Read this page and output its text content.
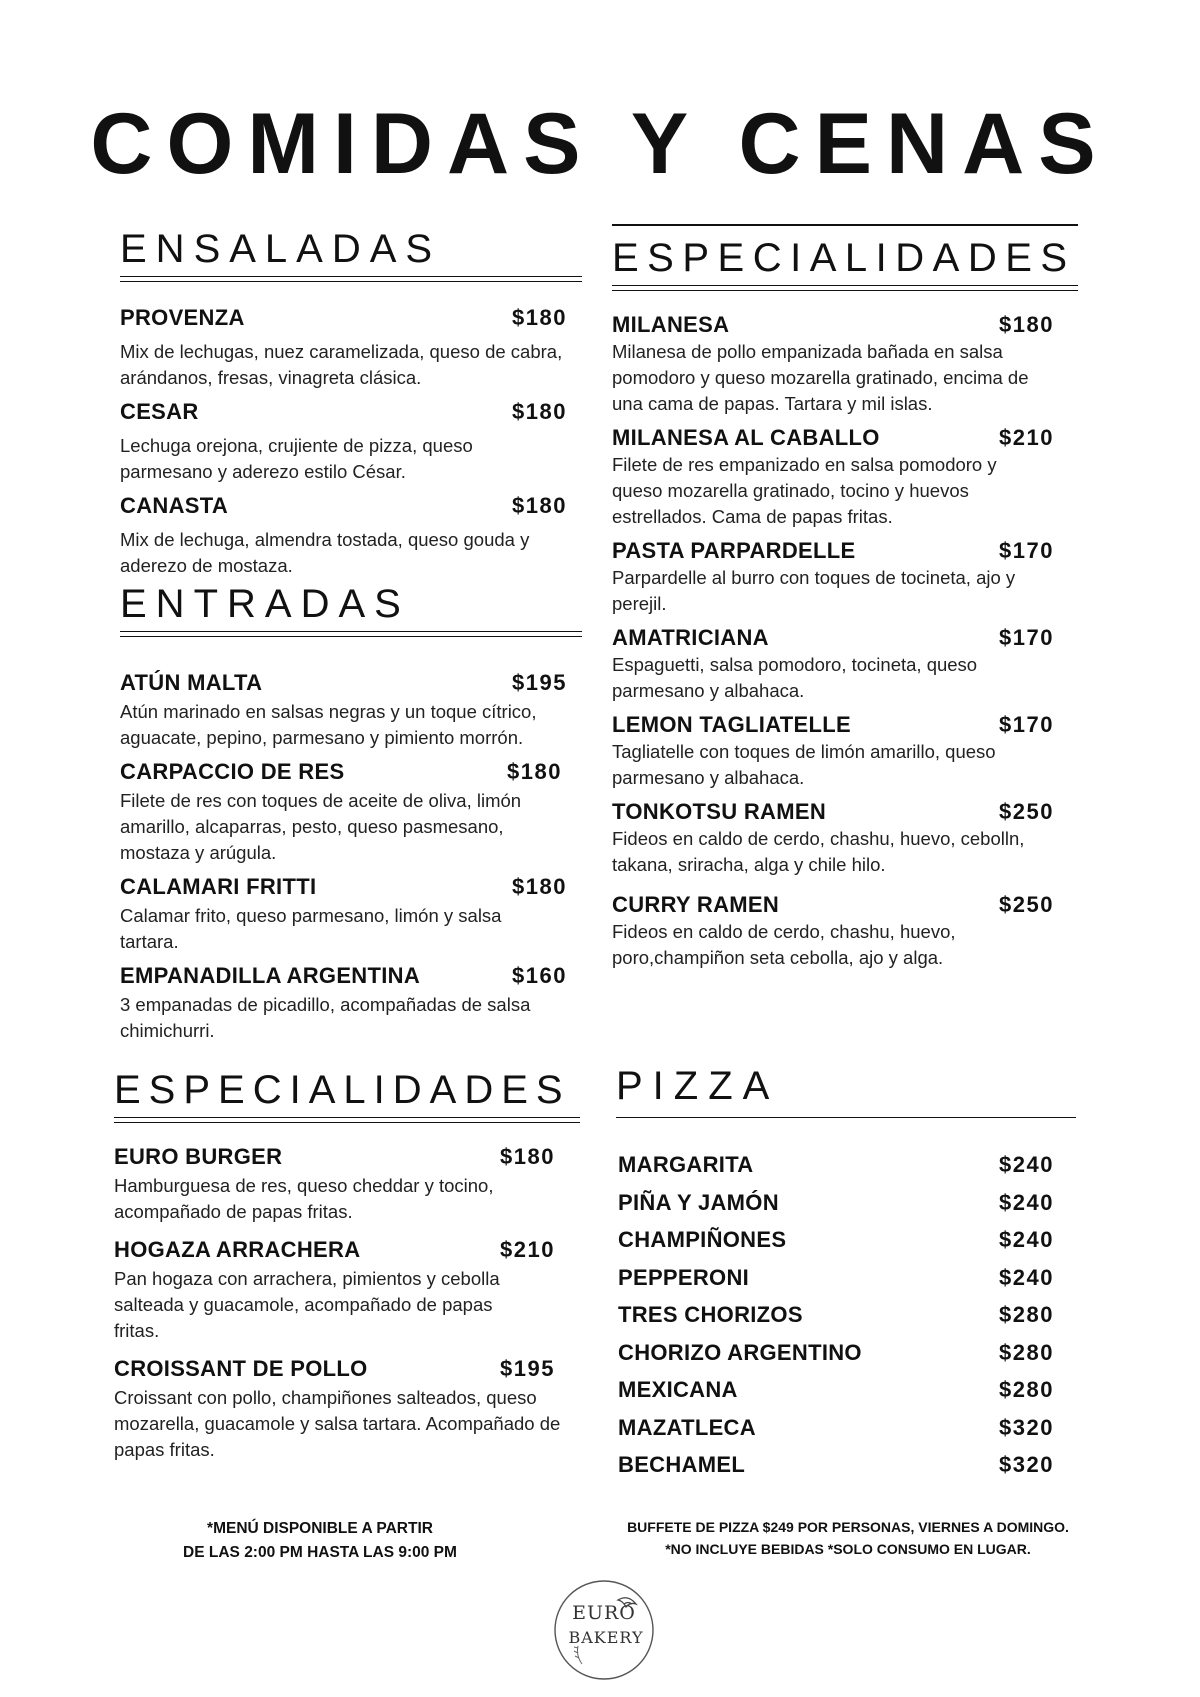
COMIDAS Y CENAS
ENSALADAS
PROVENZA	$180
Mix de lechugas, nuez caramelizada, queso de cabra, arándanos, fresas, vinagreta clásica.
CESAR	$180
Lechuga orejona, crujiente de pizza, queso parmesano y aderezo estilo César.
CANASTA	$180
Mix de lechuga, almendra tostada, queso gouda y aderezo de mostaza.
ENTRADAS
ATÚN MALTA	$195
Atún marinado en salsas negras y un toque cítrico, aguacate, pepino, parmesano y pimiento morrón.
CARPACCIO DE RES	$180
Filete de res con toques de aceite de oliva, limón amarillo, alcaparras, pesto, queso pasmesano, mostaza y arúgula.
CALAMARI FRITTI	$180
Calamar frito, queso parmesano, limón y salsa tartara.
EMPANADILLA ARGENTINA	$160
3 empanadas de picadillo, acompañadas de salsa chimichurri.
ESPECIALIDADES
EURO BURGER	$180
Hamburguesa de res, queso cheddar y tocino, acompañado de papas fritas.
HOGAZA ARRACHERA	$210
Pan hogaza con arrachera, pimientos y cebolla salteada y guacamole, acompañado de papas fritas.
CROISSANT DE POLLO	$195
Croissant con pollo, champiñones salteados, queso mozarella, guacamole y salsa tartara. Acompañado de papas fritas.
ESPECIALIDADES
MILANESA	$180
Milanesa de pollo empanizada bañada en salsa pomodoro y queso mozarella gratinado, encima de una cama de papas. Tartara y mil islas.
MILANESA AL CABALLO	$210
Filete de res empanizado en salsa pomodoro y queso mozarella gratinado, tocino y huevos estrellados. Cama de papas fritas.
PASTA PARPARDELLE	$170
Parpardelle al burro con toques de tocineta, ajo y perejil.
AMATRICIANA	$170
Espaguetti, salsa pomodoro, tocineta, queso parmesano y albahaca.
LEMON TAGLIATELLE	$170
Tagliatelle con toques de limón amarillo, queso parmesano y albahaca.
TONKOTSU RAMEN	$250
Fideos en caldo de cerdo, chashu, huevo, cebolln, takana, sriracha, alga y chile hilo.
CURRY RAMEN	$250
Fideos en caldo de cerdo, chashu, huevo, poro,champiñon seta cebolla, ajo y alga.
PIZZA
MARGARITA	$240
PIÑA Y JAMÓN	$240
CHAMPIÑONES	$240
PEPPERONI	$240
TRES CHORIZOS	$280
CHORIZO ARGENTINO	$280
MEXICANA	$280
MAZATLECA	$320
BECHAMEL	$320
*MENÚ DISPONIBLE A PARTIR
DE LAS 2:00 PM HASTA LAS 9:00 PM
BUFFETE DE PIZZA $249 POR PERSONAS, VIERNES A DOMINGO.
*NO INCLUYE BEBIDAS *SOLO CONSUMO EN LUGAR.
EURO
BAKERY
